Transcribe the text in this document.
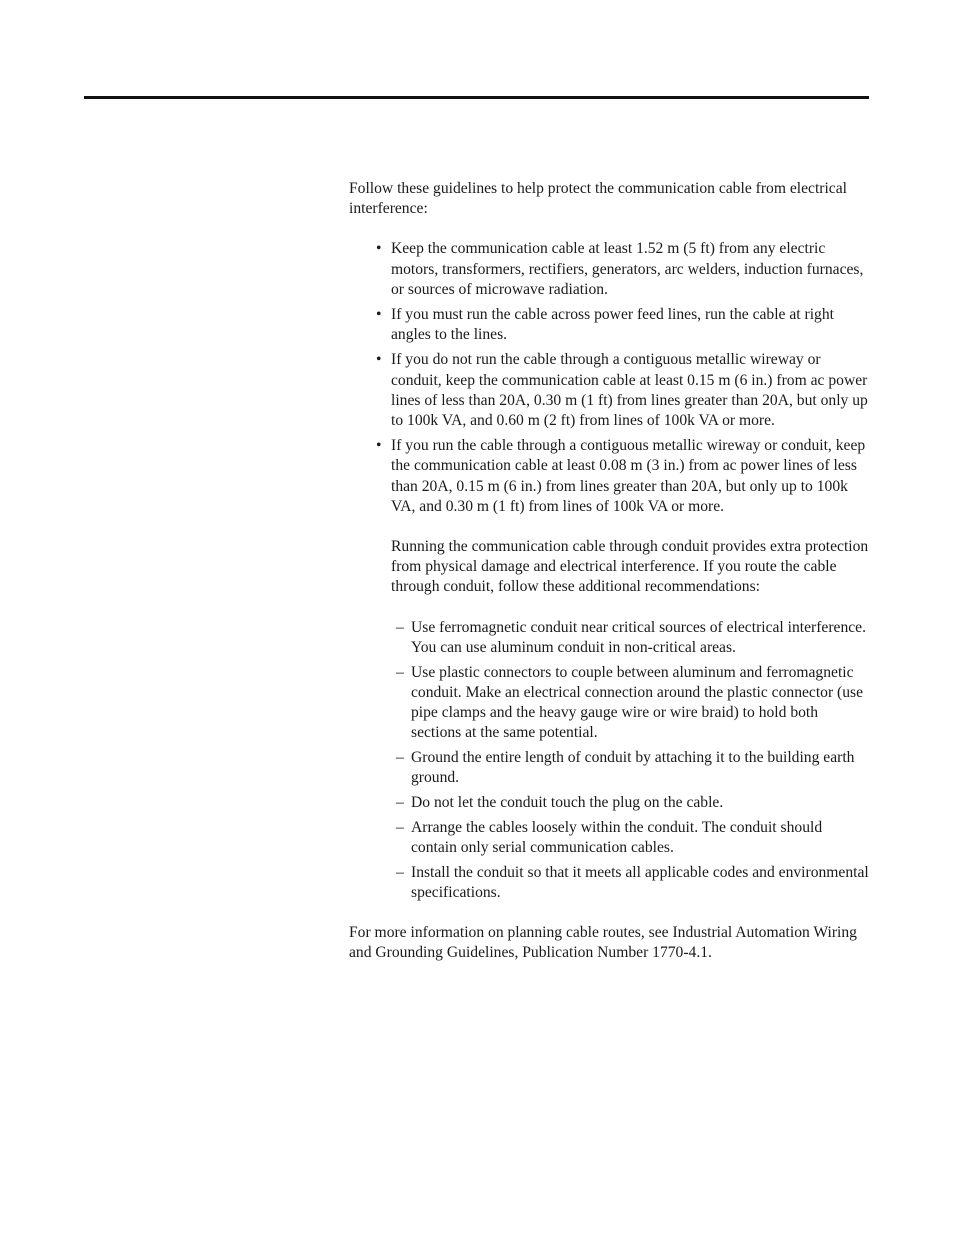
Follow these guidelines to help protect the communication cable from electrical interference:

• Keep the communication cable at least 1.52 m (5 ft) from any electric motors, transformers, rectifiers, generators, arc welders, induction furnaces, or sources of microwave radiation.
• If you must run the cable across power feed lines, run the cable at right angles to the lines.
• If you do not run the cable through a contiguous metallic wireway or conduit, keep the communication cable at least 0.15 m (6 in.) from ac power lines of less than 20A, 0.30 m (1 ft) from lines greater than 20A, but only up to 100k VA, and 0.60 m (2 ft) from lines of 100k VA or more.
• If you run the cable through a contiguous metallic wireway or conduit, keep the communication cable at least 0.08 m (3 in.) from ac power lines of less than 20A, 0.15 m (6 in.) from lines greater than 20A, but only up to 100k VA, and 0.30 m (1 ft) from lines of 100k VA or more.

Running the communication cable through conduit provides extra protection from physical damage and electrical interference. If you route the cable through conduit, follow these additional recommendations:

– Use ferromagnetic conduit near critical sources of electrical interference. You can use aluminum conduit in non-critical areas.
– Use plastic connectors to couple between aluminum and ferromagnetic conduit. Make an electrical connection around the plastic connector (use pipe clamps and the heavy gauge wire or wire braid) to hold both sections at the same potential.
– Ground the entire length of conduit by attaching it to the building earth ground.
– Do not let the conduit touch the plug on the cable.
– Arrange the cables loosely within the conduit. The conduit should contain only serial communication cables.
– Install the conduit so that it meets all applicable codes and environmental specifications.

For more information on planning cable routes, see Industrial Automation Wiring and Grounding Guidelines, Publication Number 1770-4.1.
